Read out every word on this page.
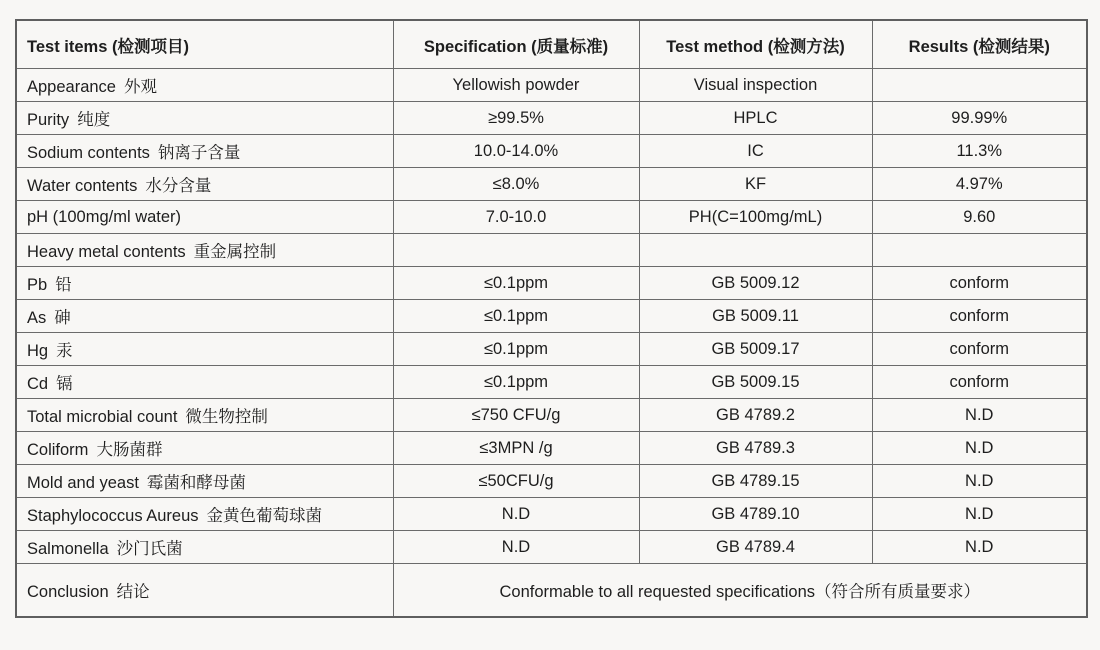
Test items (检测项目)	Specification (质量标准)	Test method (检测方法)	Results (检测结果)
Appearance 外观	Yellowish powder	Visual inspection	
Purity 纯度	≥99.5%	HPLC	99.99%
Sodium contents 钠离子含量	10.0-14.0%	IC	11.3%
Water contents 水分含量	≤8.0%	KF	4.97%
pH (100mg/ml water)	7.0-10.0	PH(C=100mg/mL)	9.60
Heavy metal contents 重金属控制			
Pb 铅	≤0.1ppm	GB 5009.12	conform
As 砷	≤0.1ppm	GB 5009.11	conform
Hg 汞	≤0.1ppm	GB 5009.17	conform
Cd 镉	≤0.1ppm	GB 5009.15	conform
Total microbial count 微生物控制	≤750 CFU/g	GB 4789.2	N.D
Coliform 大肠菌群	≤3MPN /g	GB 4789.3	N.D
Mold and yeast 霉菌和酵母菌	≤50CFU/g	GB 4789.15	N.D
Staphylococcus Aureus 金黄色葡萄球菌	N.D	GB 4789.10	N.D
Salmonella 沙门氏菌	N.D	GB 4789.4	N.D
Conclusion 结论	Conformable to all requested specifications（符合所有质量要求）		
